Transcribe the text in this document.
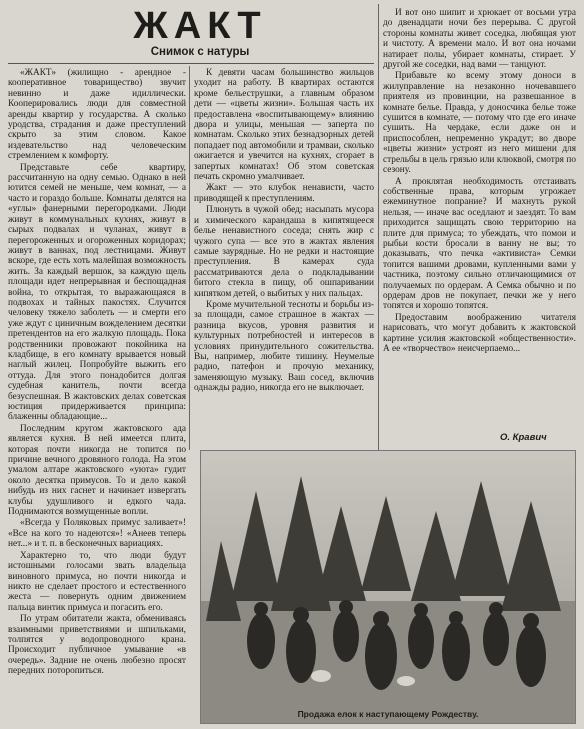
ЖАКТ
Снимок с натуры

«ЖАКТ» (жилищно - арендное - кооперативное товарищество) звучит невинно и даже идиллически. Кооперировались люди для совместной аренды квартир у государства. А сколько уродства, страдания и даже преступлений скрыто за этим словом. Какое издевательство над человеческим стремлением к комфорту.

Представьте себе квартиру, рассчитанную на одну семью. Однако в ней ютится семей не меньше, чем комнат, — а часто и гораздо больше. Комнаты делятся на «углы» фанерными перегородками. Люди живут в коммунальных кухнях, живут в сырых подвалах и чуланах, живут в перегороженных и огороженных коридорах; живут в ваннах, под лестницами. Живут вскоре, где есть хоть малейшая возможность жить. За каждый вершок, за каждую щель площади идет непрерывная и беспощадная война, то открытая, то выражающаяся в подвохах и тайных пакостях. Случится человеку тяжело заболеть — и смерти его уже ждут с циничным вожделением десятки претендентов на его жалкую площадь. Пока родственники провожают покойника на кладбище, в его комнату врывается новый наглый жилец. Попробуйте выжить его оттуда. Для этого понадобится долгая судебная канитель, почти всегда безуспешная. В жактовских делах советская юстиция придерживается принципа: блаженны обладающие...

Последним кругом жактовского ада является кухня. В ней имеется плита, которая почти никогда не топится по причине вечного дровяного голода. На этом умалом алтаре жактовского «уюта» гудит около десятка примусов. То и дело какой нибудь из них гаснет и начинает извергать клубы удушливого и едкого чада. Поднимаются возмущенные вопли.

«Всегда у Поляковых примус заливает»! «Все на кого то надеются»! «Анеев теперь нет...» и т. п. в бесконечных вариациях.

Характерно то, что люди будут истошными голосами звать владельца виновного примуса, но почти никогда и никто не сделает простого и естественного жеста — повернуть одним движением пальца винтик примуса и погасить его.

По утрам обитатели жакта, обмениваясь взаимными приветствиями и шпильками, толпятся у водопроводного крана. Происходит публичное умывание «в очередь». Задние не очень любезно просят передних поторопиться.

К девяти часам большинство жильцов уходит на работу. В квартирах остаются кроме бельеструшки, а главным образом дети — «цветы жизни». Большая часть их предоставлена «воспитывающему» влиянию двора и улицы, меньшая — заперта по комнатам. Сколько этих безнадзорных детей попадает под автомобили и трамваи, сколько ожигается и увечится на кухнях, сгорает в запертых комнатах! Об этом советская печать скромно умалчивает.

Жакт — это клубок ненависти, часто приводящей к преступлениям.

Плюнуть в чужой обед; насыпать мусора и химического карандаша в кипятящееся белье ненавистного соседа; снять жир с чужого супа — все это в жактах явления самые заурядные. Но не редки и настоящие преступления. В камерах суда рассматриваются дела о подкладывании битого стекла в пищу, об ошпаривании кипятком детей, о выбитых у них пальцах.

Кроме мучительной тесноты и борьбы из-за площади, самое страшное в жактах — разница вкусов, уровня развития и культурных потребностей и интересов в условиях принудительного сожительства. Вы, например, любите тишину. Неумелые радио, патефон и прочую механику, заменяющую музыку. Ваш сосед, включив однажды радио, никогда его не выключает.

И вот оно шипит и хрюкает от восьми утра до двенадцати ночи без перерыва. С другой стороны комнаты живет соседка, любящая уют и чистоту. А времени мало. И вот она ночами натирает полы, убирает комнаты, стирает. У другой же соседки, над вами — танцуют.

Прибавьте ко всему этому доноси в жилуправление на незаконно ночевавшего приятеля из провинции, на развешанное в комнате белье. Правда, у доносчика белье тоже сушится в комнате, — потому что где его иначе сушить. На чердаке, если даже он и приспособлен, непременно украдут; во дворе «цветы жизни» устроят из него мишени для стрельбы в цель грязью или клюквой, смотря по сезону.

А проклятая необходимость отстаивать собственные права, которым угрожает ежеминутное попрание? И махнуть рукой нельзя, — иначе вас оседлают и заездят. То вам приходится защищать свою территорию на плите для примуса; то убеждать, что помои и рыбьи кости бросали в ванну не вы; то доказывать, что печка «активиста» Семки топится вашими дровами, купленными вами у частника, поэтому сильно отличающимися от получаемых по ордерам. А Семка обычно и по ордерам дров не покупает, печки же у него топятся и хорошо топятся.

Предоставим воображению читателя нарисовать, что могут добавить к жактовской картине усилия жактовской «общественности». А ее «творчество» неисчерпаемо...

О. Кравич
Продажа елок к наступающему Рождеству.
